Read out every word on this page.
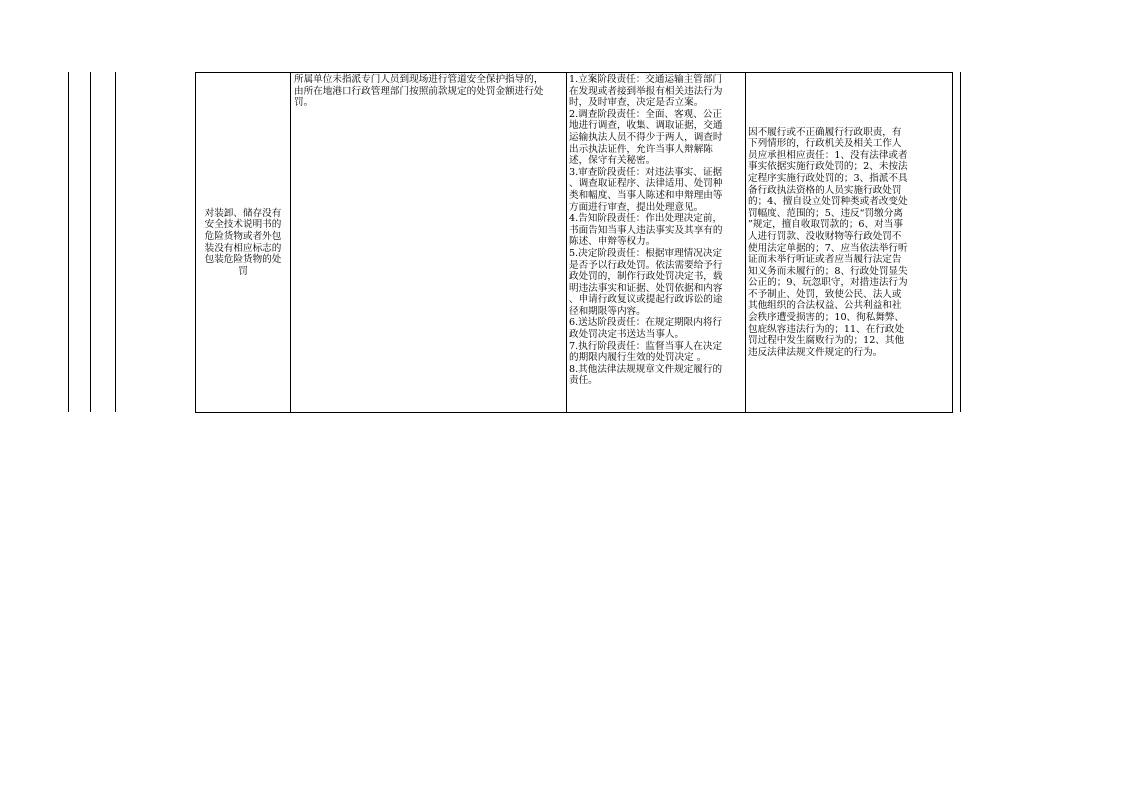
对装卸、储存没有
安全技术说明书的
危险货物或者外包
装没有相应标志的
包装危险货物的处
罚

所属单位未指派专门人员到现场进行管道安全保护指导的，
由所在地港口行政管理部门按照前款规定的处罚金额进行处
罚。

1.立案阶段责任：交通运输主管部门
在发现或者接到举报有相关违法行为
时，及时审查，决定是否立案。
2.调查阶段责任：全面、客观、公正
地进行调查，收集、调取证据，交通
运输执法人员不得少于两人，调查时
出示执法证件，允许当事人辩解陈
述，保守有关秘密。
3.审查阶段责任：对违法事实、证据
、调查取证程序、法律适用、处罚种
类和幅度、当事人陈述和申辩理由等
方面进行审查，提出处理意见。
4.告知阶段责任：作出处理决定前，
书面告知当事人违法事实及其享有的
陈述、申辩等权力。
5.决定阶段责任：根据审理情况决定
是否予以行政处罚。依法需要给予行
政处罚的，制作行政处罚决定书，载
明违法事实和证据、处罚依据和内容
、申请行政复议或提起行政诉讼的途
径和期限等内容。
6.送达阶段责任：在规定期限内将行
政处罚决定书送达当事人。
7.执行阶段责任：监督当事人在决定
的期限内履行生效的处罚决定 。
8.其他法律法规规章文件规定履行的
责任。

因不履行或不正确履行行政职责，有
下列情形的，行政机关及相关工作人
员应承担相应责任：1、没有法律或者
事实依据实施行政处罚的；2、未按法
定程序实施行政处罚的；3、指派不具
备行政执法资格的人员实施行政处罚
的；4、擅自设立处罚种类或者改变处
罚幅度、范围的；5、违反“罚缴分离
”规定，擅自收取罚款的；6、对当事
人进行罚款、没收财物等行政处罚不
使用法定单据的；7、应当依法举行听
证而未举行听证或者应当履行法定告
知义务而未履行的；8、行政处罚显失
公正的；9、玩忽职守，对措违法行为
不予制止、处罚，致使公民、法人或
其他组织的合法权益、公共利益和社
会秩序遭受损害的；10、徇私舞弊、
包庇纵容违法行为的；11、在行政处
罚过程中发生腐败行为的；12、其他
违反法律法规文件规定的行为。
